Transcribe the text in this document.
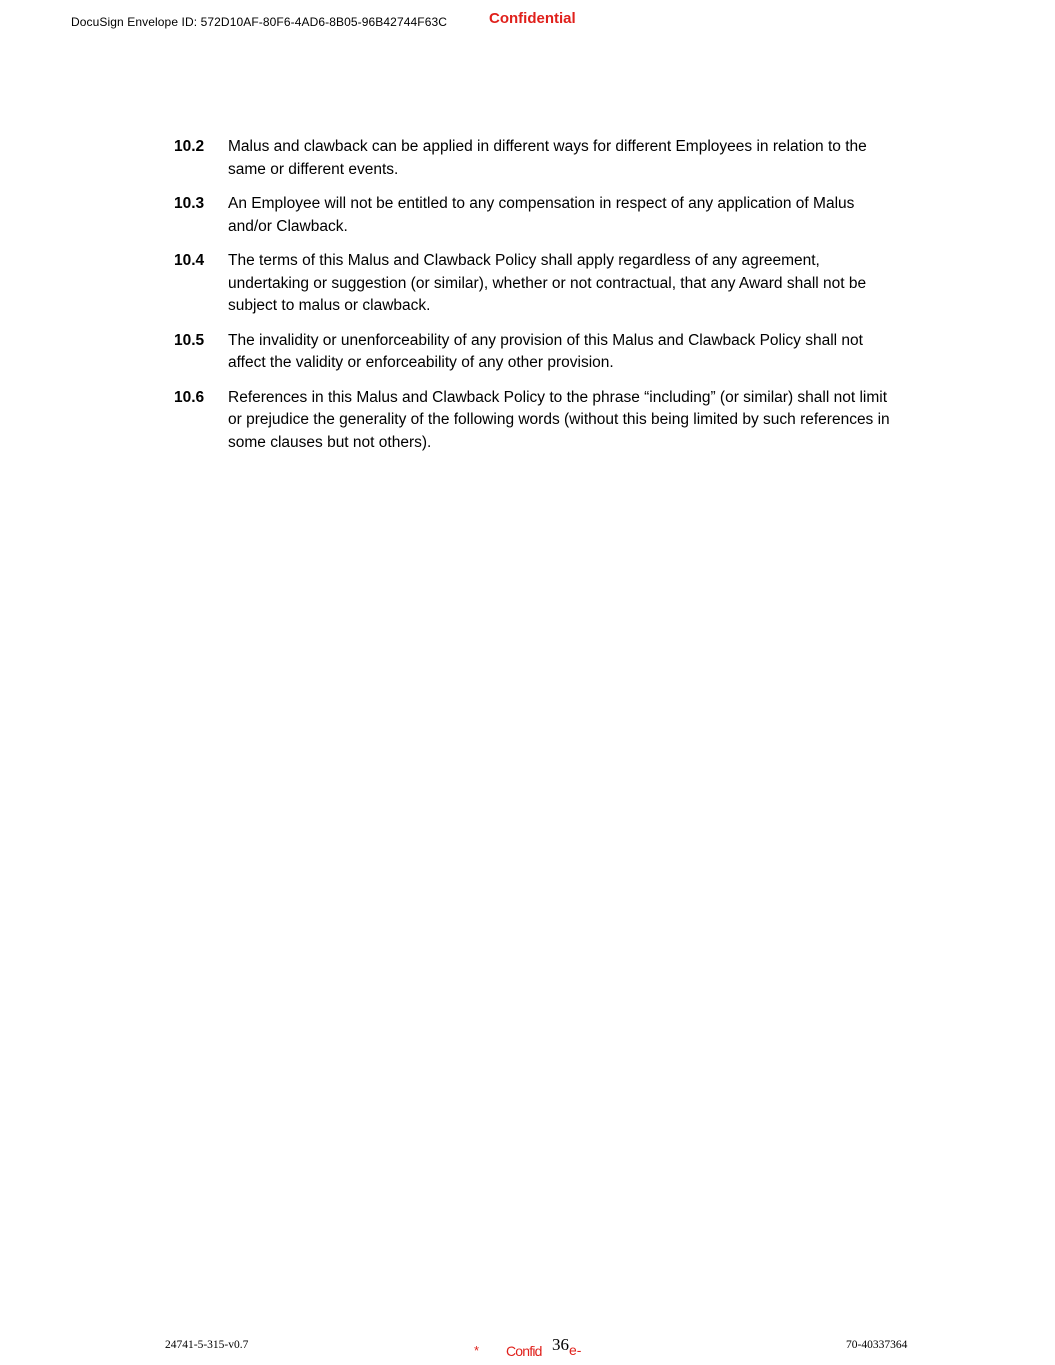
DocuSign Envelope ID: 572D10AF-80F6-4AD6-8B05-96B42744F63C	Confidential
10.2	Malus and clawback can be applied in different ways for different Employees in relation to the same or different events.
10.3	An Employee will not be entitled to any compensation in respect of any application of Malus and/or Clawback.
10.4	The terms of this Malus and Clawback Policy shall apply regardless of any agreement, undertaking or suggestion (or similar), whether or not contractual, that any Award shall not be subject to malus or clawback.
10.5	The invalidity or unenforceability of any provision of this Malus and Clawback Policy shall not affect the validity or enforceability of any other provision.
10.6	References in this Malus and Clawback Policy to the phrase “including” (or similar) shall not limit or prejudice the generality of the following words (without this being limited by such references in some clauses but not others).
24741-5-315-v0.7	* Confid 36 e-	70-40337364
